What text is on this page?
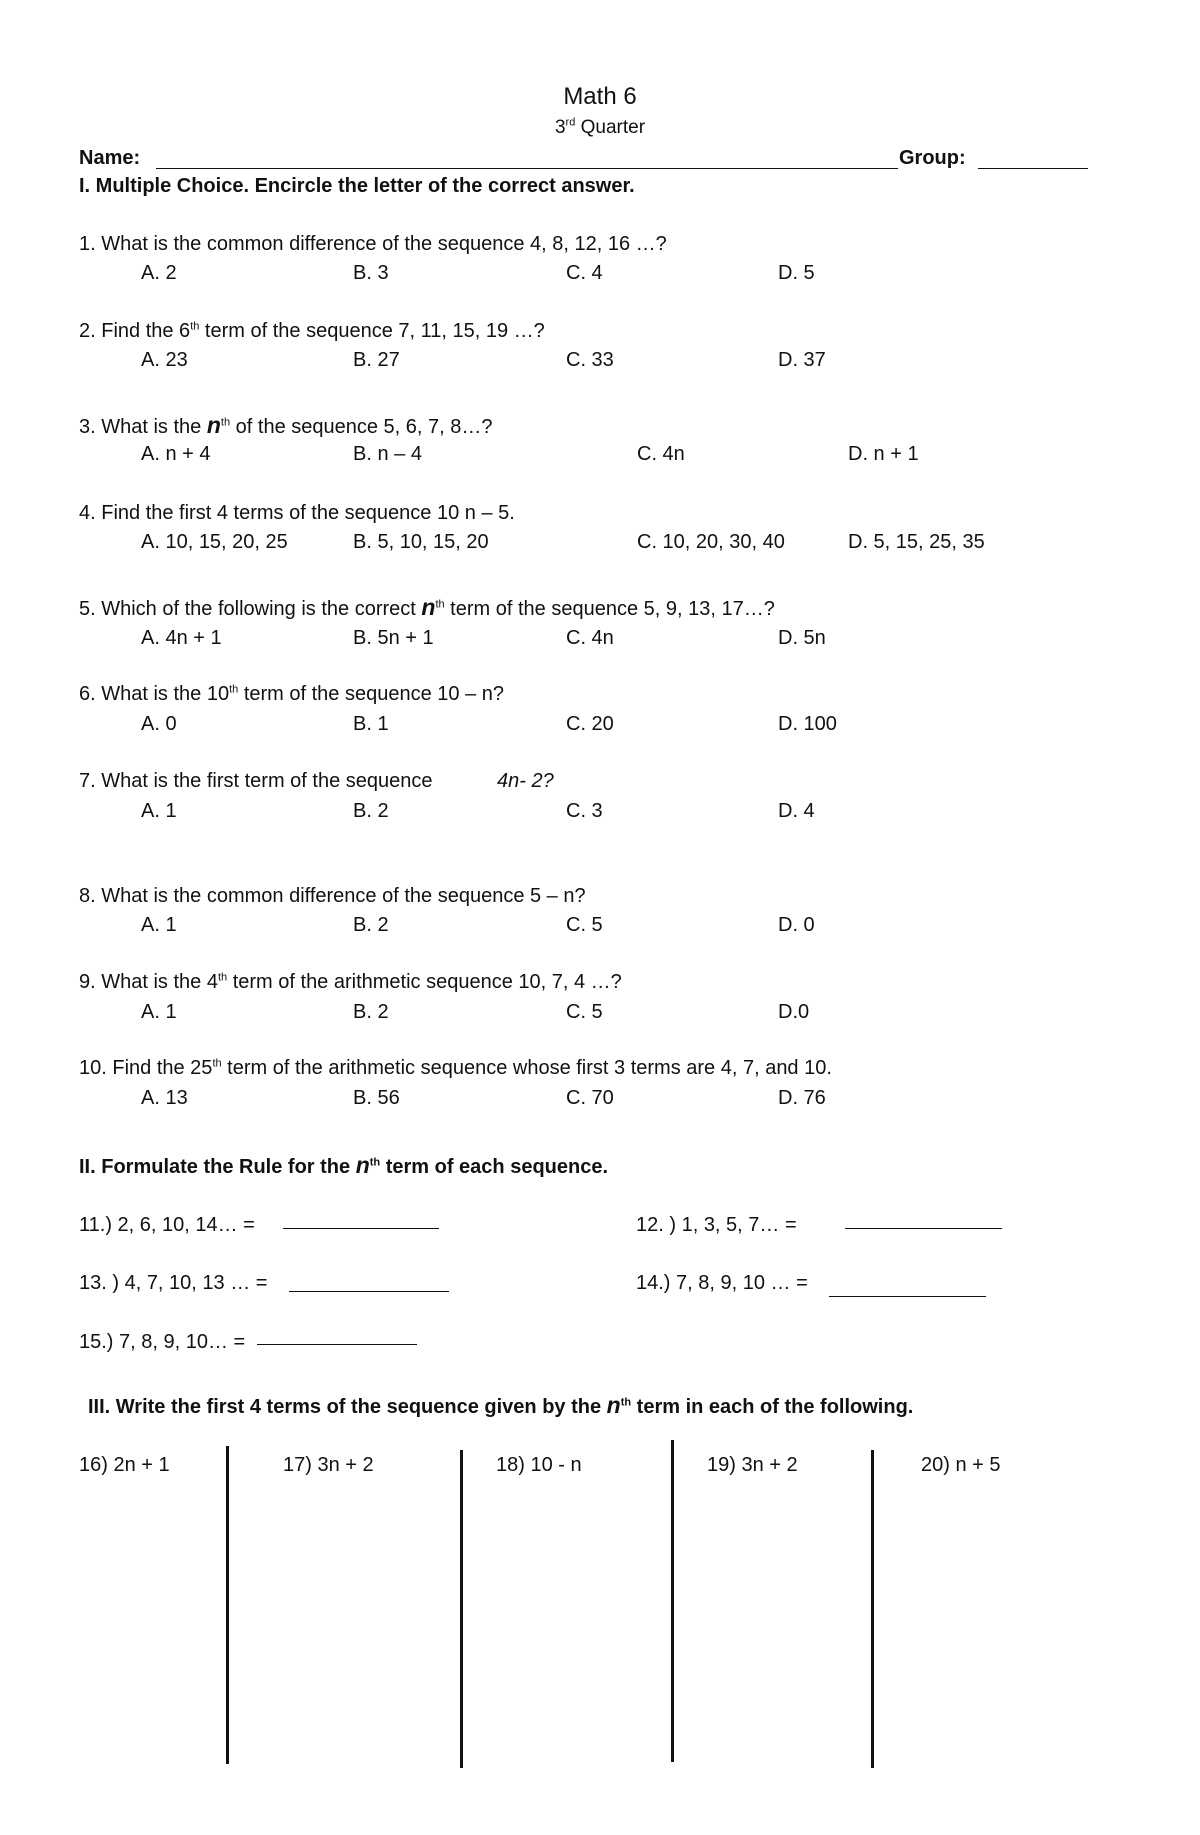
Math 6
3rd Quarter
Name:	Group:
I. Multiple Choice. Encircle the letter of the correct answer.
1. What is the common difference of the sequence 4, 8, 12, 16 …?
A. 2	B. 3	C. 4	D. 5
2. Find the 6th term of the sequence 7, 11, 15, 19 …?
A. 23	B. 27	C. 33	D. 37
3. What is the $n^{th}$ of the sequence 5, 6, 7, 8…?
A. n + 4	B. n – 4	C. 4n	D. n + 1
4. Find the first 4 terms of the sequence 10 n – 5.
A. 10, 15, 20, 25	B. 5, 10, 15, 20	C. 10, 20, 30, 40	D. 5, 15, 25, 35
5. Which of the following is the correct $n^{th}$ term of the sequence 5, 9, 13, 17…?
A. 4n + 1	B. 5n + 1	C. 4n	D. 5n
6. What is the 10th term of the sequence 10 – n?
A. 0	B. 1	C. 20	D. 100
7. What is the first term of the sequence	4n- 2?
A. 1	B. 2	C. 3	D. 4
8. What is the common difference of the sequence 5 – n?
A. 1	B. 2	C. 5	D. 0
9. What is the 4th term of the arithmetic sequence 10, 7, 4 …?
A. 1	B. 2	C. 5	D.0
10. Find the 25th term of the arithmetic sequence whose first 3 terms are 4, 7, and 10.
A. 13	B. 56	C. 70	D. 76
II. Formulate the Rule for the $n^{th}$ term of each sequence.
11.) 2, 6, 10, 14… =	12. ) 1, 3, 5, 7… =
13. ) 4, 7, 10, 13 … =	14.) 7, 8, 9, 10 … =
15.) 7, 8, 9, 10… =
III. Write the first 4 terms of the sequence given by the $n^{th}$ term in each of the following.
16) 2n + 1	17) 3n + 2	18) 10 - n	19) 3n + 2	20) n + 5
